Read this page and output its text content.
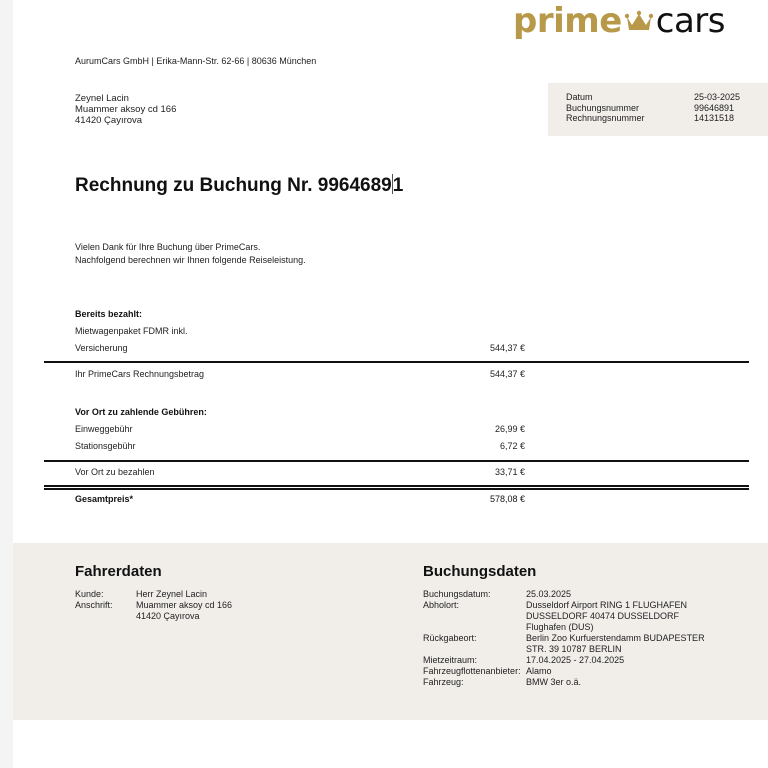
prime cars
AurumCars GmbH | Erika-Mann-Str. 62-66 | 80636 München
Zeynel Lacin
Muammer aksoy cd 166
41420 Çayırova
Datum	25-03-2025
Buchungsnummer	99646891
Rechnungsnummer	14131518
Rechnung zu Buchung Nr. 99646891
Vielen Dank für Ihre Buchung über PrimeCars.
Nachfolgend berechnen wir Ihnen folgende Reiseleistung.
Bereits bezahlt:
Mietwagenpaket FDMR inkl.
Versicherung	544,37 €
Ihr PrimeCars Rechnungsbetrag	544,37 €
Vor Ort zu zahlende Gebühren:
Einweggebühr	26,99 €
Stationsgebühr	6,72 €
Vor Ort zu bezahlen	33,71 €
Gesamtpreis*	578,08 €
Fahrerdaten
Kunde:	Herr Zeynel Lacin
Anschrift:	Muammer aksoy cd 166
41420 Çayırova
Buchungsdaten
Buchungsdatum:	25.03.2025

Abholort:	Dusseldorf Airport RING 1 FLUGHAFEN
DUSSELDORF 40474 DUSSELDORF
Flughafen (DUS)

Rückgabeort:	Berlin Zoo Kurfuerstendamm BUDAPESTER
STR. 39 10787 BERLIN

Mietzeitraum:	17.04.2025 - 27.04.2025

Fahrzeugflottenanbieter:	Alamo

Fahrzeug:	BMW 3er o.ä.
